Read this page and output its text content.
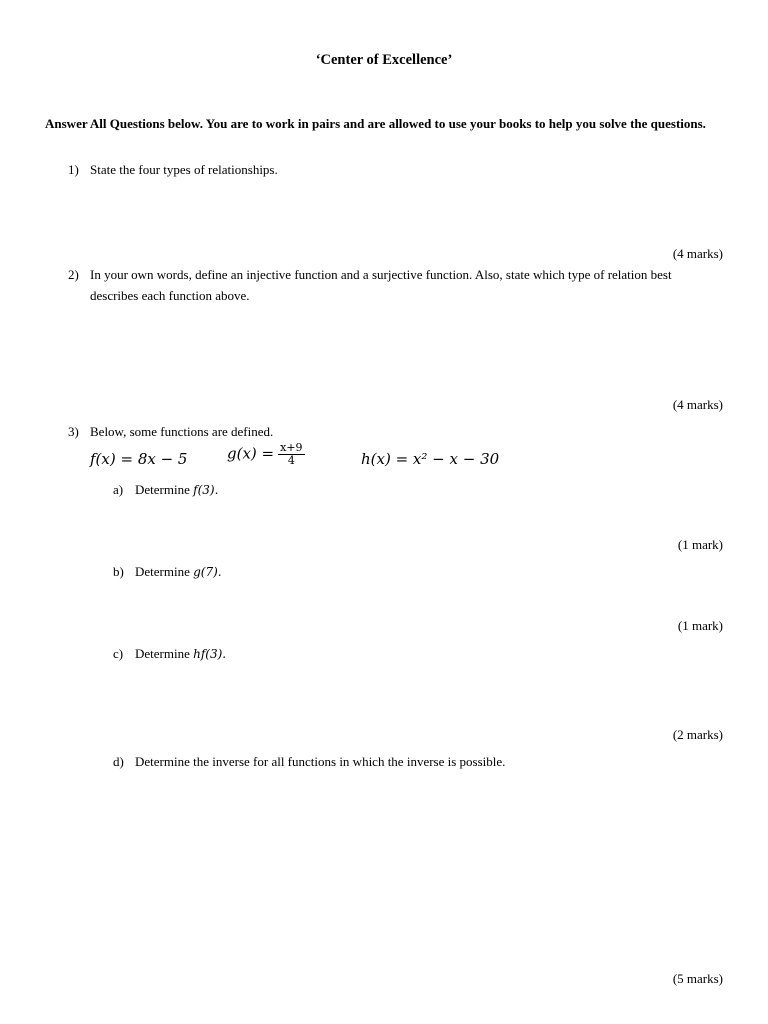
‘Center of Excellence’
Answer All Questions below. You are to work in pairs and are allowed to use your books to help you solve the questions.
1) State the four types of relationships.
(4 marks)
2) In your own words, define an injective function and a surjective function. Also, state which type of relation best describes each function above.
(4 marks)
3) Below, some functions are defined.
f(x) = 8x − 5	$g(x) = \frac{x+9}{4}$	h(x) = x² − x − 30
a) Determine f(3).
(1 mark)
b) Determine g(7).
(1 mark)
c) Determine hf(3).
(2 marks)
d) Determine the inverse for all functions in which the inverse is possible.
(5 marks)
